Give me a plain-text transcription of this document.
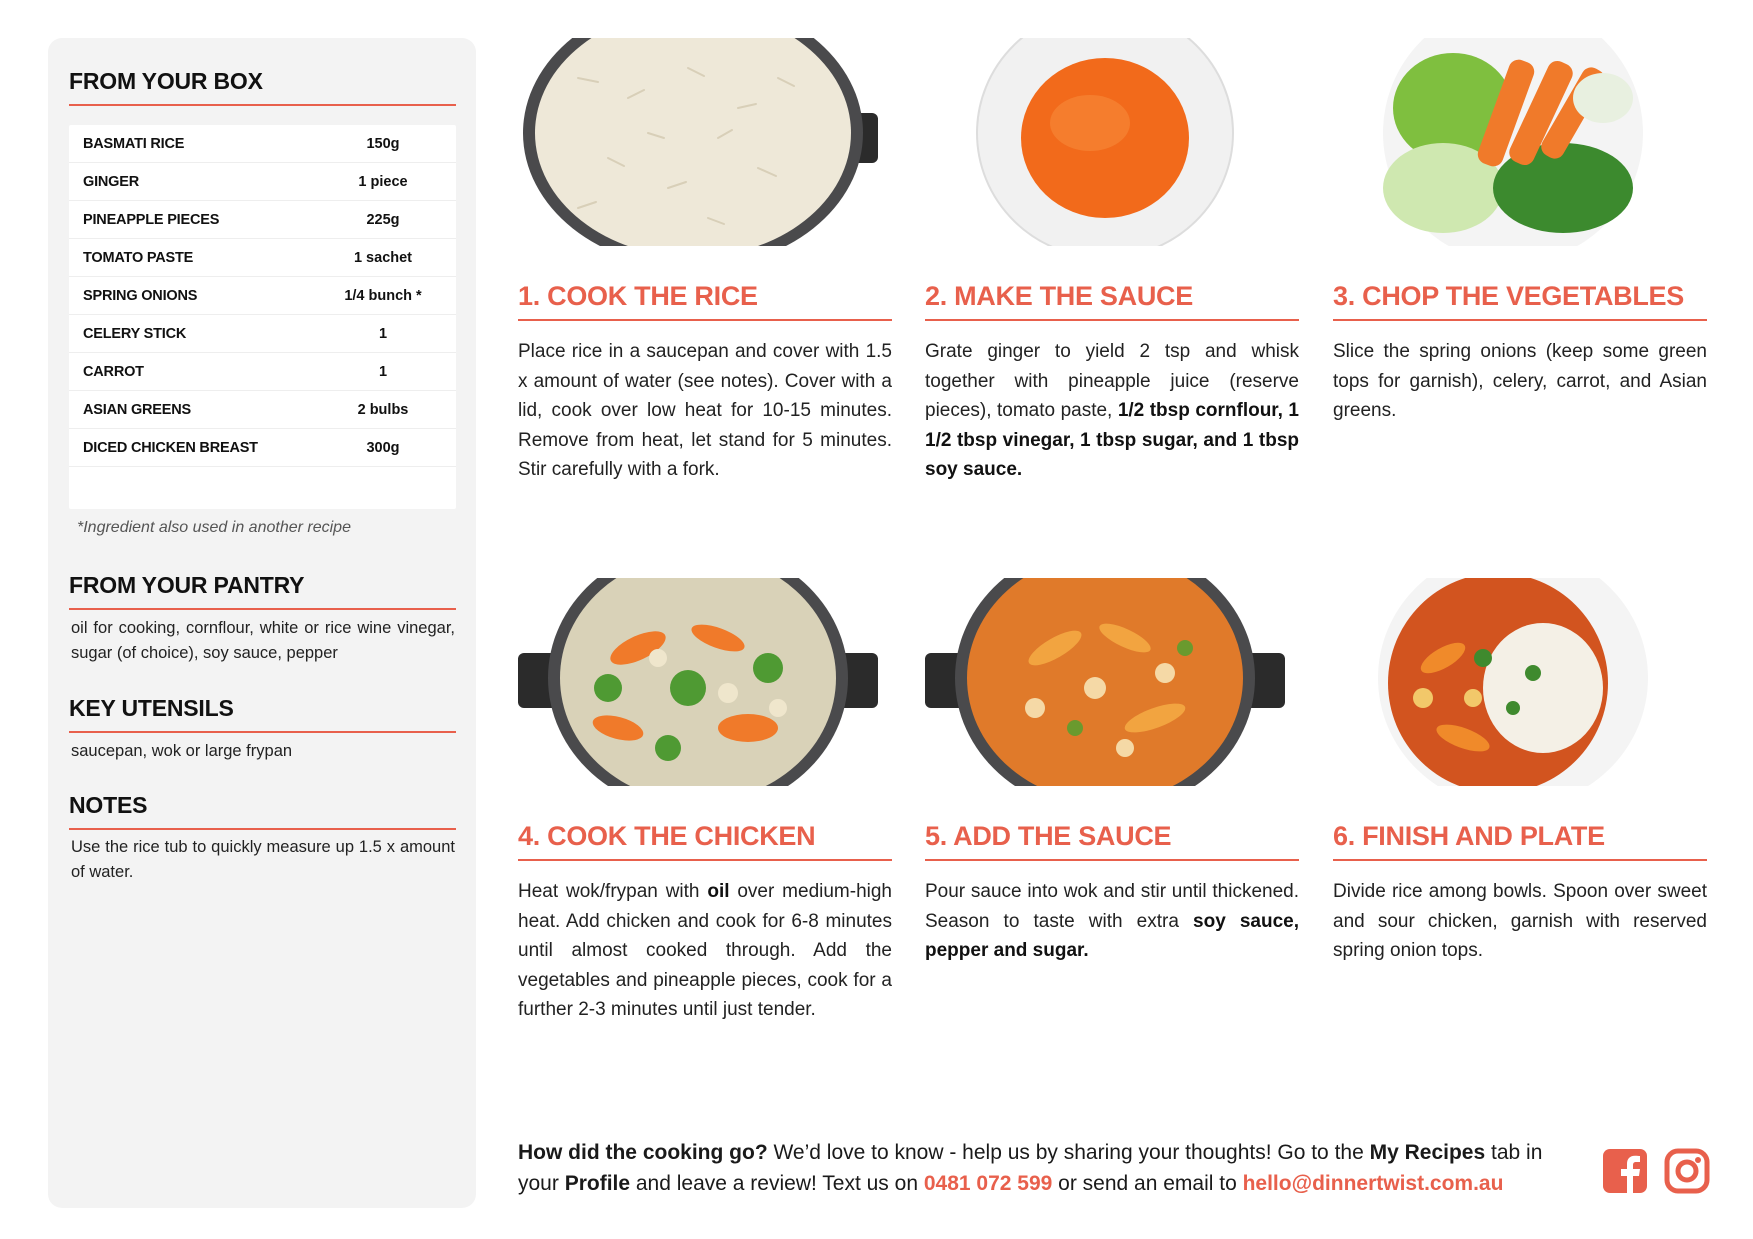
FROM YOUR BOX
BASMATI RICE	150g
GINGER	1 piece
PINEAPPLE PIECES	225g
TOMATO PASTE	1 sachet
SPRING ONIONS	1/4 bunch *
CELERY STICK	1
CARROT	1
ASIAN GREENS	2 bulbs
DICED CHICKEN BREAST	300g
*Ingredient also used in another recipe
FROM YOUR PANTRY

oil for cooking, cornflour, white or rice wine vinegar, sugar (of choice), soy sauce, pepper

KEY UTENSILS

saucepan, wok or large frypan

NOTES

Use the rice tub to quickly measure up 1.5 x amount of water.

1. COOK THE RICE

Place rice in a saucepan and cover with 1.5 x amount of water (see notes). Cover with a lid, cook over low heat for 10-15 minutes. Remove from heat, let stand for 5 minutes. Stir carefully with a fork.

2. MAKE THE SAUCE

Grate ginger to yield 2 tsp and whisk together with pineapple juice (reserve pieces), tomato paste, 1/2 tbsp cornflour, 1 1/2 tbsp vinegar, 1 tbsp sugar, and 1 tbsp soy sauce.

3. CHOP THE VEGETABLES

Slice the spring onions (keep some green tops for garnish), celery, carrot, and Asian greens.

4. COOK THE CHICKEN

Heat wok/frypan with oil over medium-high heat. Add chicken and cook for 6-8 minutes until almost cooked through. Add the vegetables and pineapple pieces, cook for a further 2-3 minutes until just tender.

5. ADD THE SAUCE

Pour sauce into wok and stir until thickened. Season to taste with extra soy sauce, pepper and sugar.

6. FINISH AND PLATE

Divide rice among bowls. Spoon over sweet and sour chicken, garnish with reserved spring onion tops.

How did the cooking go? We’d love to know - help us by sharing your thoughts! Go to the My Recipes tab in your Profile and leave a review! Text us on 0481 072 599 or send an email to hello@dinnertwist.com.au
